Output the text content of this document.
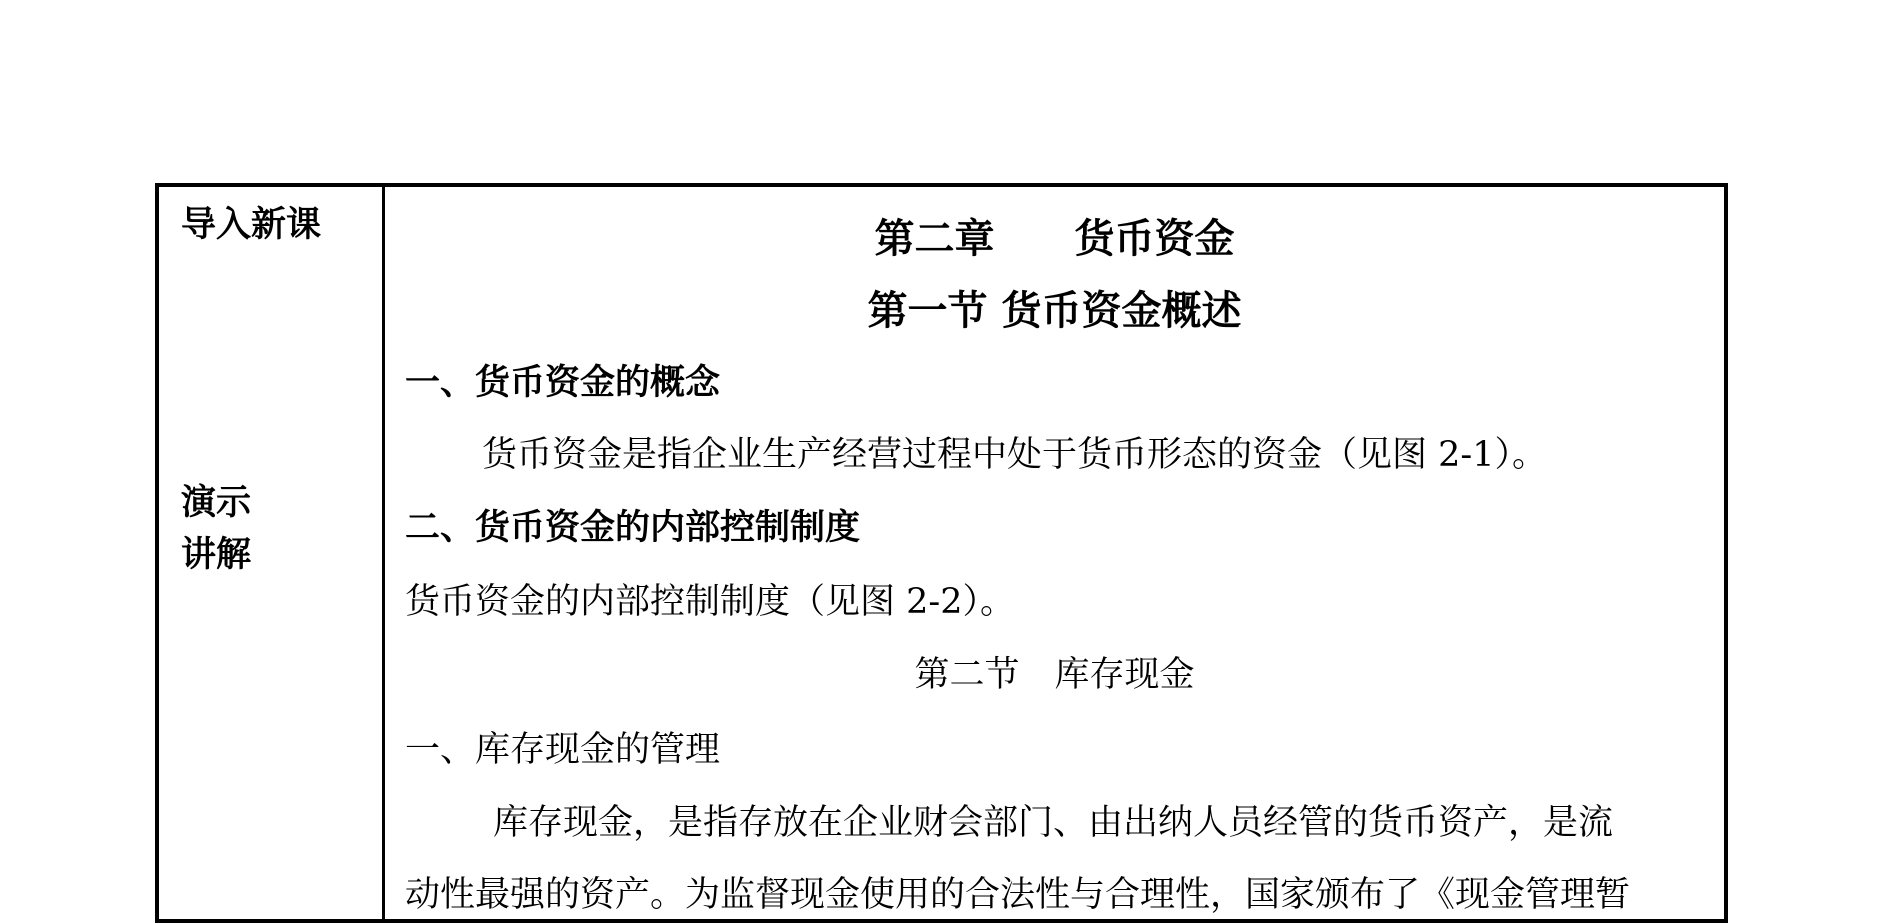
导入新课
演示
讲解
第二章　　货币资金
第一节 货币资金概述
一、货币资金的概念
货币资金是指企业生产经营过程中处于货币形态的资金（见图 2-1）。
二、货币资金的内部控制制度
货币资金的内部控制制度（见图 2-2）。
第二节　库存现金
一、库存现金的管理
库存现金，是指存放在企业财会部门、由出纳人员经管的货币资产，是流
动性最强的资产。为监督现金使用的合法性与合理性，国家颁布了《现金管理暂
